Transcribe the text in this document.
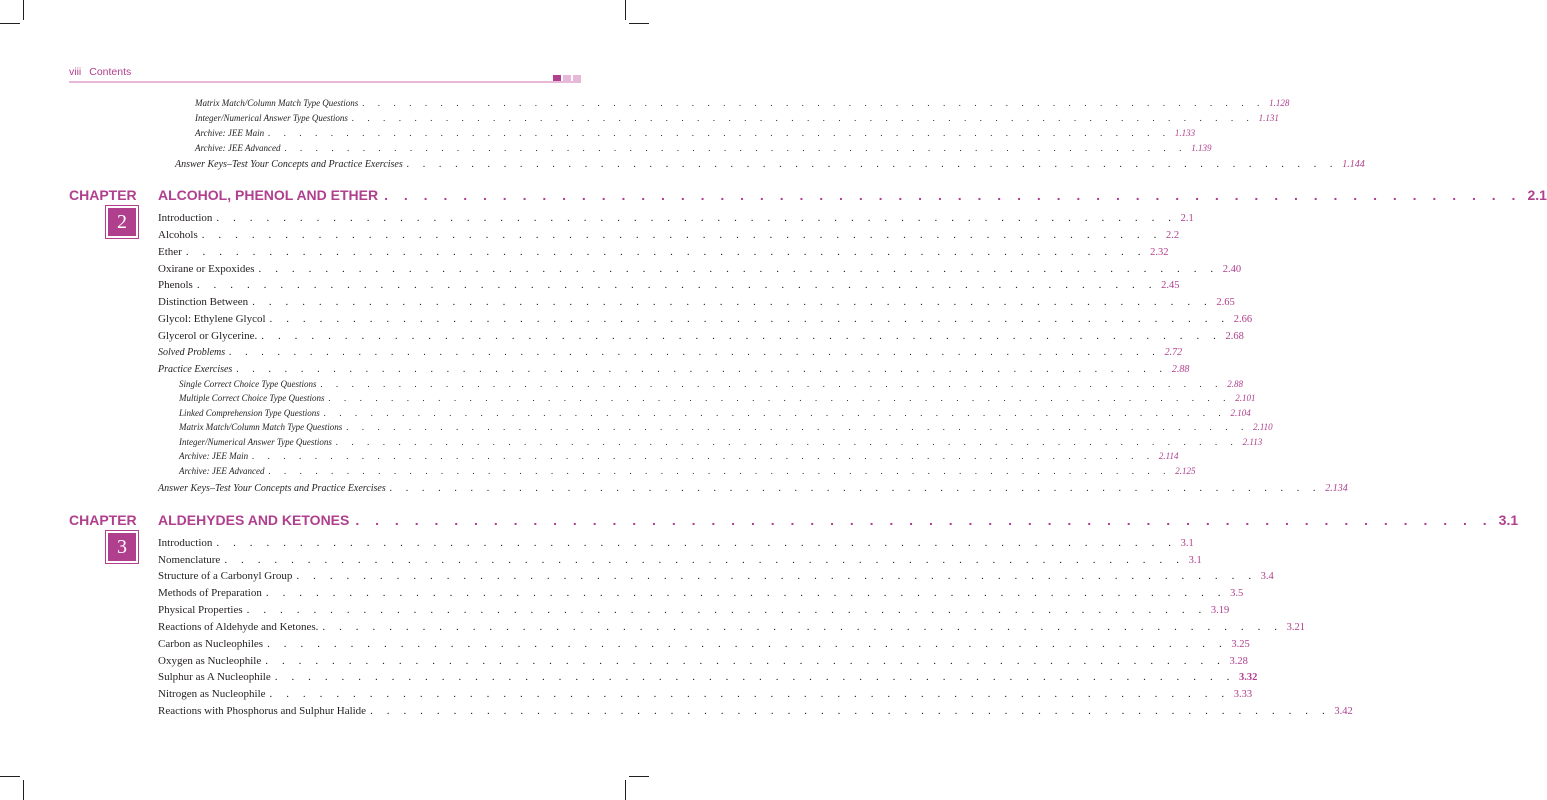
viii Contents
Matrix Match/Column Match Type Questions . . . . . . . . . . . . . . . . . . . . . . . . . . . . . . . . . . . . . . . . . . . . . . . . . . . . . . . . . . 1.128
Integer/Numerical Answer Type Questions . . . . . . . . . . . . . . . . . . . . . . . . . . . . . . . . . . . . . . . . . . . . . . . . . . . . . . . . . . 1.131
Archive: JEE Main . . . . . . . . . . . . . . . . . . . . . . . . . . . . . . . . . . . . . . . . . . . . . . . . . . . . . . . . . . 1.133
Archive: JEE Advanced . . . . . . . . . . . . . . . . . . . . . . . . . . . . . . . . . . . . . . . . . . . . . . . . . . . . . . . . . . 1.139
Answer Keys–Test Your Concepts and Practice Exercises . . . . . . . . . . . . . . . . . . . . . . . . . . . . . . . . . . . . . . . . . . . . . . . . . . . . . . . . . . 1.144
CHAPTER
2
ALCOHOL, PHENOL AND ETHER . . . . . . . . . . . . . . . . . . . . . . . . . . . . . . . . . . . . . . . . . . . . . . . . . . . . . . . . . . 2.1
Introduction . . . . . . . . . . . . . . . . . . . . . . . . . . . . . . . . . . . . . . . . . . . . . . . . . . . . . . . . . . 2.1
Alcohols . . . . . . . . . . . . . . . . . . . . . . . . . . . . . . . . . . . . . . . . . . . . . . . . . . . . . . . . . . 2.2
Ether . . . . . . . . . . . . . . . . . . . . . . . . . . . . . . . . . . . . . . . . . . . . . . . . . . . . . . . . . . 2.32
Oxirane or Expoxides . . . . . . . . . . . . . . . . . . . . . . . . . . . . . . . . . . . . . . . . . . . . . . . . . . . . . . . . . . 2.40
Phenols . . . . . . . . . . . . . . . . . . . . . . . . . . . . . . . . . . . . . . . . . . . . . . . . . . . . . . . . . . 2.45
Distinction Between . . . . . . . . . . . . . . . . . . . . . . . . . . . . . . . . . . . . . . . . . . . . . . . . . . . . . . . . . . 2.65
Glycol: Ethylene Glycol . . . . . . . . . . . . . . . . . . . . . . . . . . . . . . . . . . . . . . . . . . . . . . . . . . . . . . . . . . 2.66
Glycerol or Glycerine. . . . . . . . . . . . . . . . . . . . . . . . . . . . . . . . . . . . . . . . . . . . . . . . . . . . . . . . . . . 2.68
Solved Problems . . . . . . . . . . . . . . . . . . . . . . . . . . . . . . . . . . . . . . . . . . . . . . . . . . . . . . . . . . 2.72
Practice Exercises . . . . . . . . . . . . . . . . . . . . . . . . . . . . . . . . . . . . . . . . . . . . . . . . . . . . . . . . . . 2.88
Single Correct Choice Type Questions . . . . . . . . . . . . . . . . . . . . . . . . . . . . . . . . . . . . . . . . . . . . . . . . . . . . . . . . . . 2.88
Multiple Correct Choice Type Questions . . . . . . . . . . . . . . . . . . . . . . . . . . . . . . . . . . . . . . . . . . . . . . . . . . . . . . . . . . 2.101
Linked Comprehension Type Questions . . . . . . . . . . . . . . . . . . . . . . . . . . . . . . . . . . . . . . . . . . . . . . . . . . . . . . . . . . 2.104
Matrix Match/Column Match Type Questions . . . . . . . . . . . . . . . . . . . . . . . . . . . . . . . . . . . . . . . . . . . . . . . . . . . . . . . . . . 2.110
Integer/Numerical Answer Type Questions . . . . . . . . . . . . . . . . . . . . . . . . . . . . . . . . . . . . . . . . . . . . . . . . . . . . . . . . . . 2.113
Archive: JEE Main . . . . . . . . . . . . . . . . . . . . . . . . . . . . . . . . . . . . . . . . . . . . . . . . . . . . . . . . . . 2.114
Archive: JEE Advanced . . . . . . . . . . . . . . . . . . . . . . . . . . . . . . . . . . . . . . . . . . . . . . . . . . . . . . . . . . 2.125
Answer Keys–Test Your Concepts and Practice Exercises . . . . . . . . . . . . . . . . . . . . . . . . . . . . . . . . . . . . . . . . . . . . . . . . . . . . . . . . . . 2.134
CHAPTER
3
ALDEHYDES AND KETONES . . . . . . . . . . . . . . . . . . . . . . . . . . . . . . . . . . . . . . . . . . . . . . . . . . . . . . . . . . 3.1
Introduction . . . . . . . . . . . . . . . . . . . . . . . . . . . . . . . . . . . . . . . . . . . . . . . . . . . . . . . . . . 3.1
Nomenclature . . . . . . . . . . . . . . . . . . . . . . . . . . . . . . . . . . . . . . . . . . . . . . . . . . . . . . . . . . 3.1
Structure of a Carbonyl Group . . . . . . . . . . . . . . . . . . . . . . . . . . . . . . . . . . . . . . . . . . . . . . . . . . . . . . . . . . 3.4
Methods of Preparation . . . . . . . . . . . . . . . . . . . . . . . . . . . . . . . . . . . . . . . . . . . . . . . . . . . . . . . . . . 3.5
Physical Properties . . . . . . . . . . . . . . . . . . . . . . . . . . . . . . . . . . . . . . . . . . . . . . . . . . . . . . . . . . 3.19
Reactions of Aldehyde and Ketones. . . . . . . . . . . . . . . . . . . . . . . . . . . . . . . . . . . . . . . . . . . . . . . . . . . . . . . . . . . 3.21
Carbon as Nucleophiles . . . . . . . . . . . . . . . . . . . . . . . . . . . . . . . . . . . . . . . . . . . . . . . . . . . . . . . . . . 3.25
Oxygen as Nucleophile . . . . . . . . . . . . . . . . . . . . . . . . . . . . . . . . . . . . . . . . . . . . . . . . . . . . . . . . . . 3.28
Sulphur as A Nucleophile . . . . . . . . . . . . . . . . . . . . . . . . . . . . . . . . . . . . . . . . . . . . . . . . . . . . . . . . . . 3.32
Nitrogen as Nucleophile . . . . . . . . . . . . . . . . . . . . . . . . . . . . . . . . . . . . . . . . . . . . . . . . . . . . . . . . . . 3.33
Reactions with Phosphorus and Sulphur Halide . . . . . . . . . . . . . . . . . . . . . . . . . . . . . . . . . . . . . . . . . . . . . . . . . . . . . . . . . . 3.42
